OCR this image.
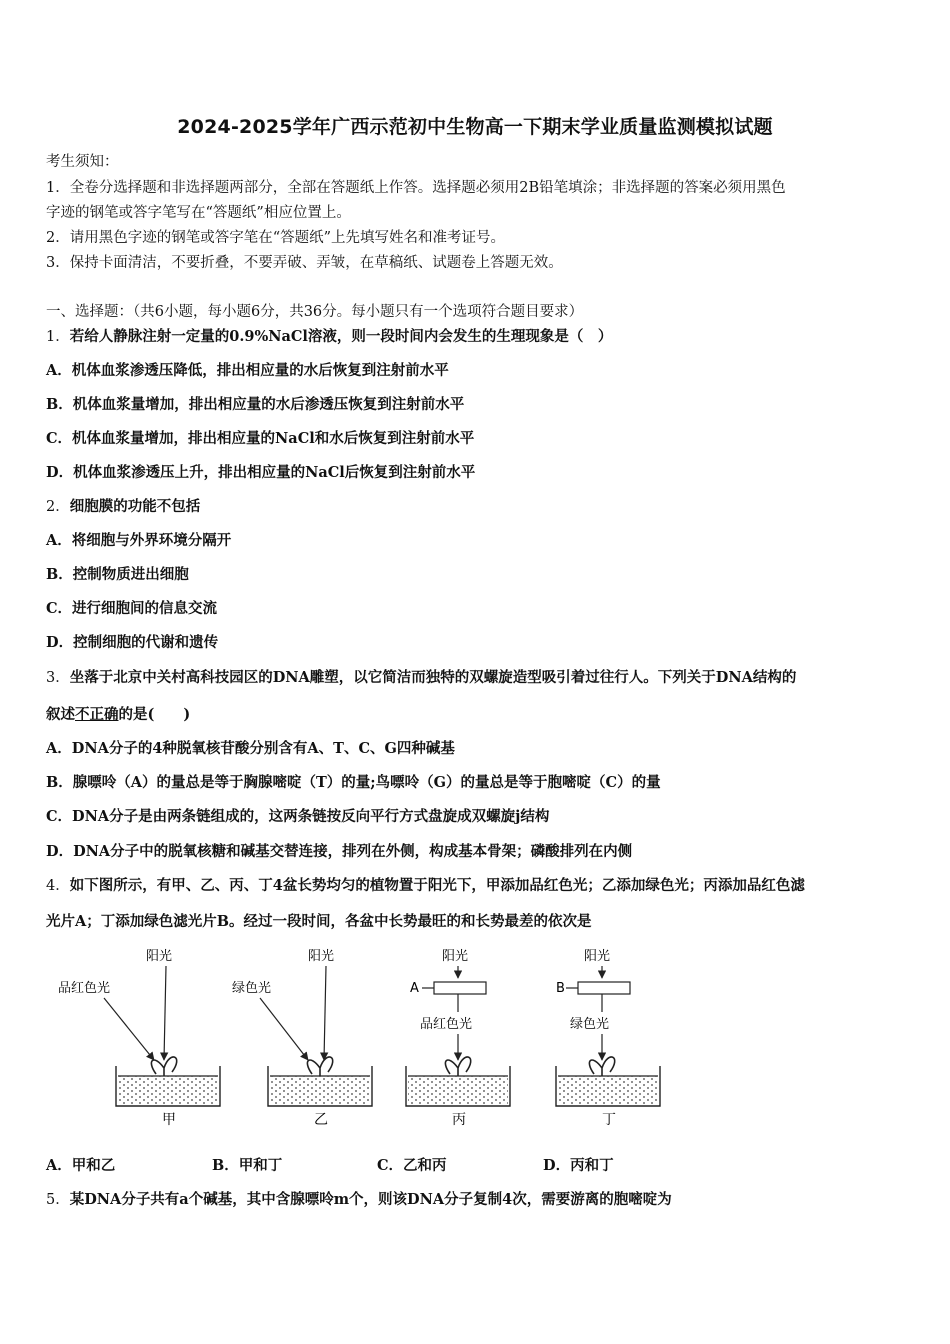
2024-2025学年广西示范初中生物高一下期末学业质量监测模拟试题
考生须知：
1．全卷分选择题和非选择题两部分，全部在答题纸上作答。选择题必须用2B铅笔填涂；非选择题的答案必须用黑色
字迹的钢笔或答字笔写在“答题纸”相应位置上。
2．请用黑色字迹的钢笔或答字笔在“答题纸”上先填写姓名和准考证号。
3．保持卡面清洁，不要折叠，不要弄破、弄皱，在草稿纸、试题卷上答题无效。
一、选择题：（共6小题，每小题6分，共36分。每小题只有一个选项符合题目要求）
1．若给人静脉注射一定量的0.9%NaCl溶液，则一段时间内会发生的生理现象是（　）
A．机体血浆渗透压降低，排出相应量的水后恢复到注射前水平
B．机体血浆量增加，排出相应量的水后渗透压恢复到注射前水平
C．机体血浆量增加，排出相应量的NaCl和水后恢复到注射前水平
D．机体血浆渗透压上升，排出相应量的NaCl后恢复到注射前水平
2．细胞膜的功能不包括
A．将细胞与外界环境分隔开
B．控制物质进出细胞
C．进行细胞间的信息交流
D．控制细胞的代谢和遗传
3．坐落于北京中关村高科技园区的DNA雕塑，以它简洁而独特的双螺旋造型吸引着过往行人。下列关于DNA结构的
叙述不正确的是(　　)
A．DNA分子的4种脱氧核苷酸分别含有A、T、C、G四种碱基
B．腺嘌呤（A）的量总是等于胸腺嘧啶（T）的量;鸟嘌呤（G）的量总是等于胞嘧啶（C）的量
C．DNA分子是由两条链组成的，这两条链按反向平行方式盘旋成双螺旋j结构
D．DNA分子中的脱氧核糖和碱基交替连接，排列在外侧，构成基本骨架；磷酸排列在内侧
4．如下图所示，有甲、乙、丙、丁4盆长势均匀的植物置于阳光下，甲添加品红色光；乙添加绿色光；丙添加品红色滤
光片A；丁添加绿色滤光片B。经过一段时间，各盆中长势最旺的和长势最差的依次是
阳光
品红色光
甲
阳光
绿色光
乙
阳光
A
品红色光
丙
阳光
B
绿色光
丁
A．甲和乙	B．甲和丁	C．乙和丙	D．丙和丁
5．某DNA分子共有a个碱基，其中含腺嘌呤m个，则该DNA分子复制4次，需要游离的胞嘧啶为
